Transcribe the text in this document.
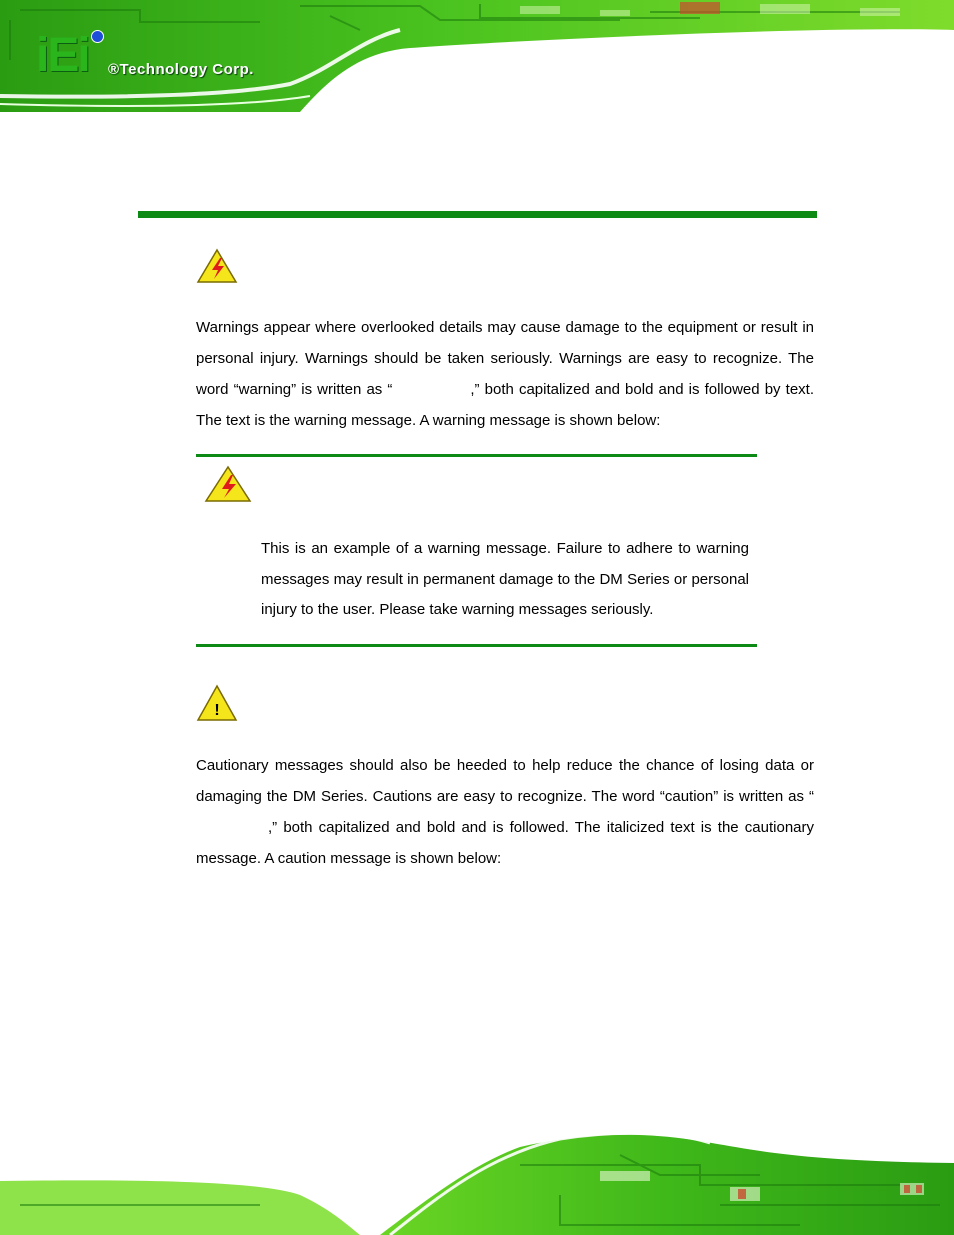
iEi ®Technology Corp.

Warnings appear where overlooked details may cause damage to the equipment or result in personal injury. Warnings should be taken seriously. Warnings are easy to recognize. The word “warning” is written as “	,” both capitalized and bold and is followed by text. The text is the warning message. A warning message is shown below:

This is an example of a warning message. Failure to adhere to warning messages may result in permanent damage to the DM Series or personal injury to the user. Please take warning messages seriously.

!

Cautionary messages should also be heeded to help reduce the chance of losing data or damaging the DM Series. Cautions are easy to recognize. The word “caution” is written as “,” both capitalized and bold and is followed. The italicized text is the cautionary message. A caution message is shown below:
